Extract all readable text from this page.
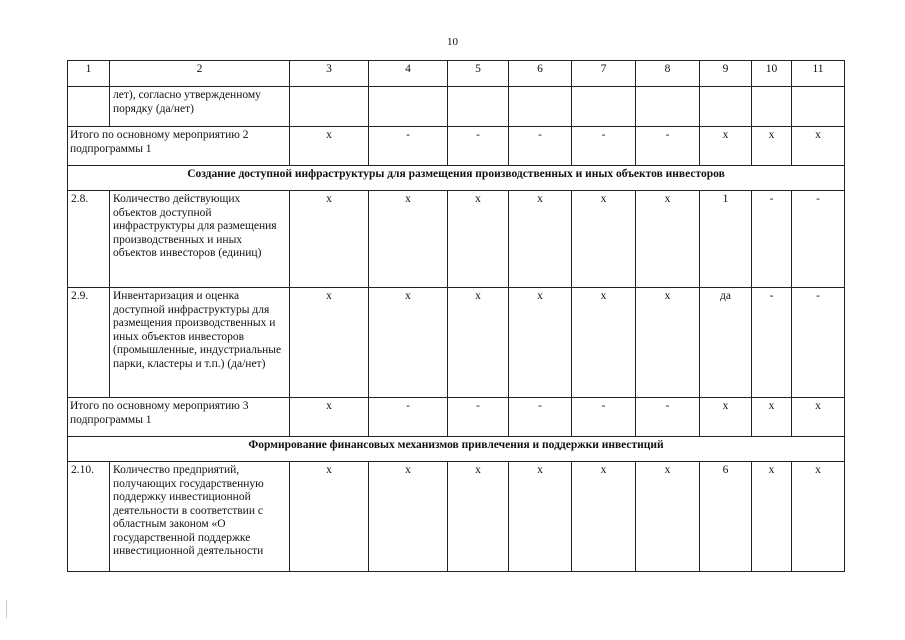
10
1	2	3	4	5	6	7	8	9	10	11
	лет), согласно утвержденному порядку (да/нет)									
Итого по основному мероприятию 2 подпрограммы 1		х	-	-	-	-	-	х	х	х
Создание доступной инфраструктуры для размещения производственных и иных объектов инвесторов										
2.8.	Количество действующих объектов доступной инфраструктуры для размещения производственных и иных объектов инвесторов (единиц)	х	х	х	х	х	х	1	-	-
2.9.	Инвентаризация и оценка доступной инфраструктуры для размещения производственных и иных объектов инвесторов (промышленные, индустриальные парки, кластеры и т.п.) (да/нет)	х	х	х	х	х	х	да	-	-
Итого по основному мероприятию 3 подпрограммы 1		х	-	-	-	-	-	х	х	х
Формирование финансовых механизмов привлечения и поддержки инвестиций										
2.10.	Количество предприятий, получающих государственную поддержку инвестиционной деятельности в соответствии с областным законом «О государственной поддержке инвестиционной деятельности	х	х	х	х	х	х	6	х	х
